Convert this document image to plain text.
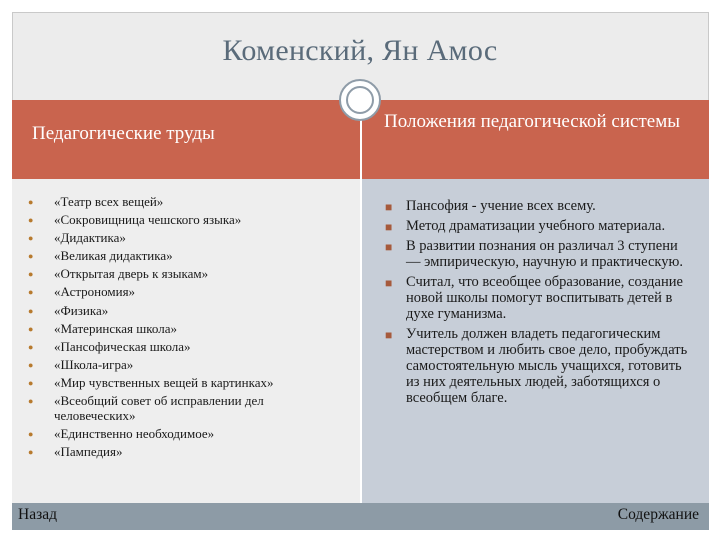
Коменский, Ян Амос
Педагогические труды
Положения педагогической системы
● «Театр всех вещей»
● «Сокровищница чешского языка»
● «Дидактика»
● «Великая дидактика»
● «Открытая дверь к языкам»
● «Астрономия»
● «Физика»
● «Материнская школа»
● «Пансофическая школа»
● «Школа-игра»
● «Мир чувственных вещей в картинках»
● «Всеобщий совет об исправлении дел человеческих»
● «Единственно необходимое»
● «Пампедия»
■ Пансофия - учение всех всему.
■ Метод драматизации учебного материала.
■ В развитии познания он различал 3 ступени — эмпирическую, научную и практическую.
■ Считал, что всеобщее образование, создание новой школы помогут воспитывать детей в духе гуманизма.
■ Учитель должен владеть педагогическим мастерством и любить свое дело, пробуждать самостоятельную мысль учащихся, готовить из них деятельных людей, заботящихся о всеобщем благе.
Назад	Содержание
